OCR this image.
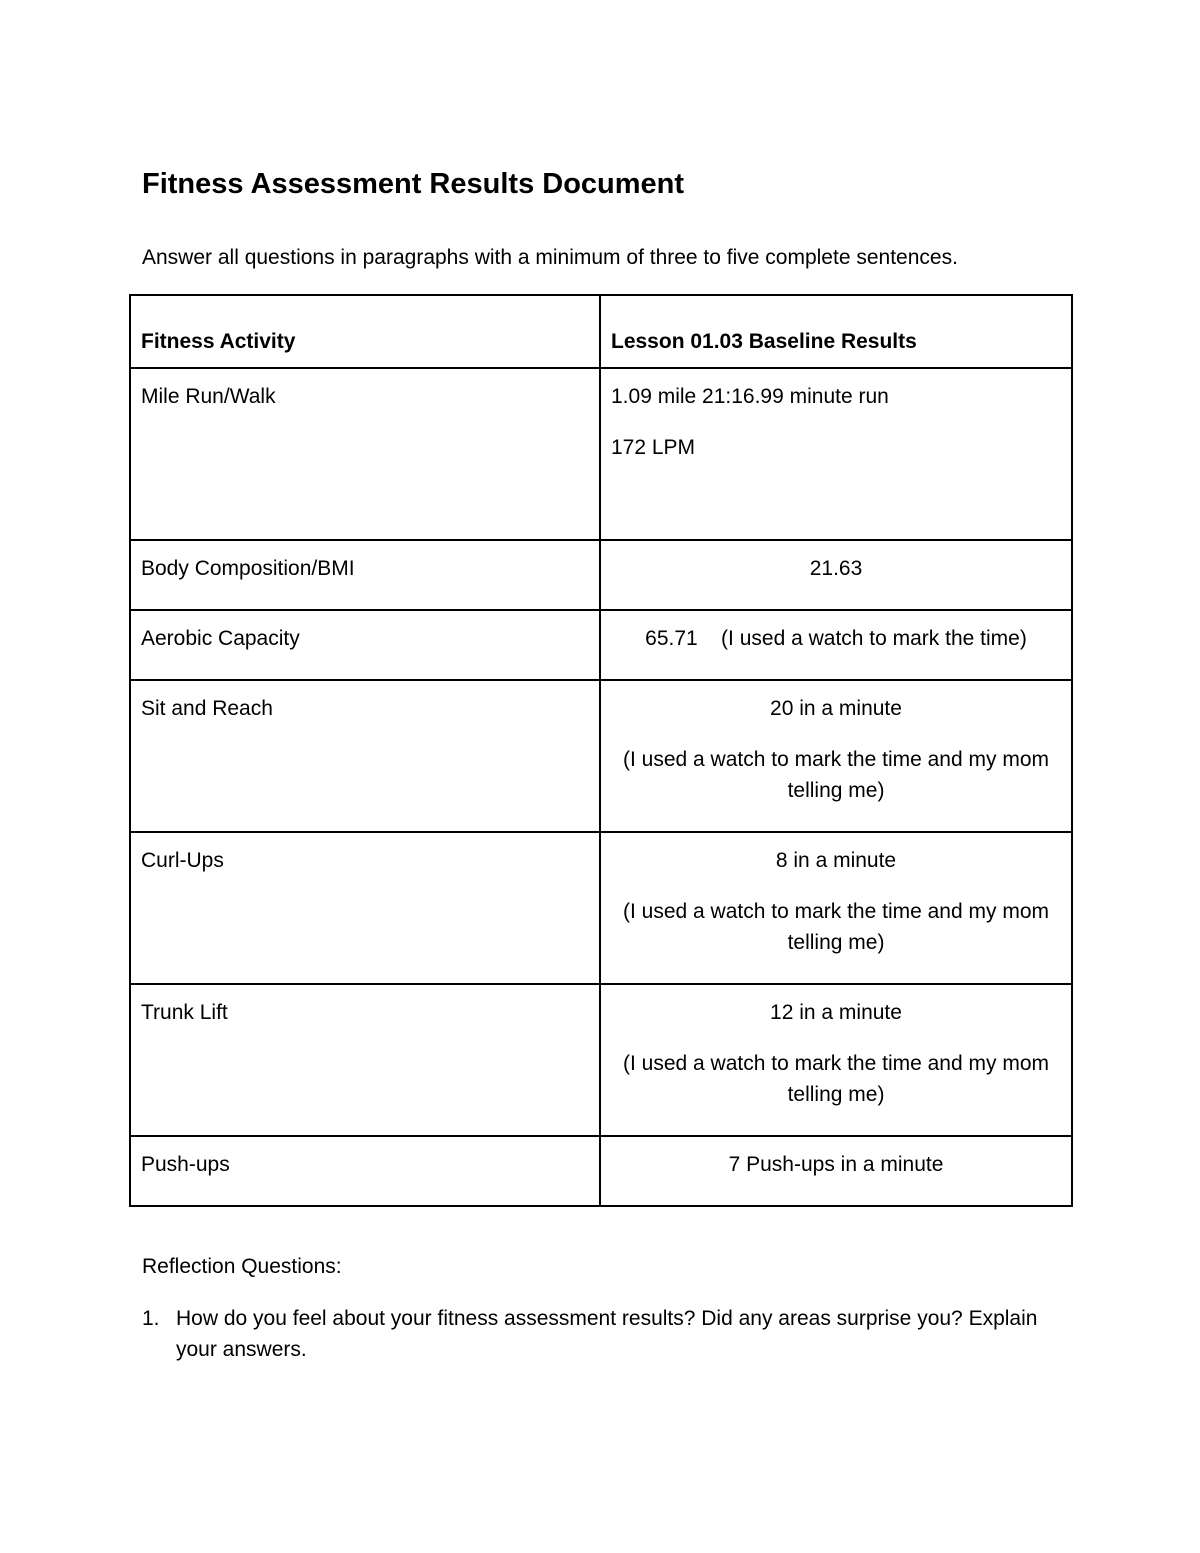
Fitness Assessment Results Document

Answer all questions in paragraphs with a minimum of three to five complete sentences.

Fitness Activity	Lesson 01.03 Baseline Results
Mile Run/Walk	1.09 mile 21:16.99 minute run
172 LPM

Body Composition/BMI	21.63

Aerobic Capacity	65.71    (I used a watch to mark the time)

Sit and Reach	20 in a minute
(I used a watch to mark the time and my mom telling me)

Curl-Ups	8 in a minute
(I used a watch to mark the time and my mom telling me)

Trunk Lift	12 in a minute
(I used a watch to mark the time and my mom telling me)

Push-ups	7 Push-ups in a minute

Reflection Questions:

1. How do you feel about your fitness assessment results? Did any areas surprise you? Explain your answers.
